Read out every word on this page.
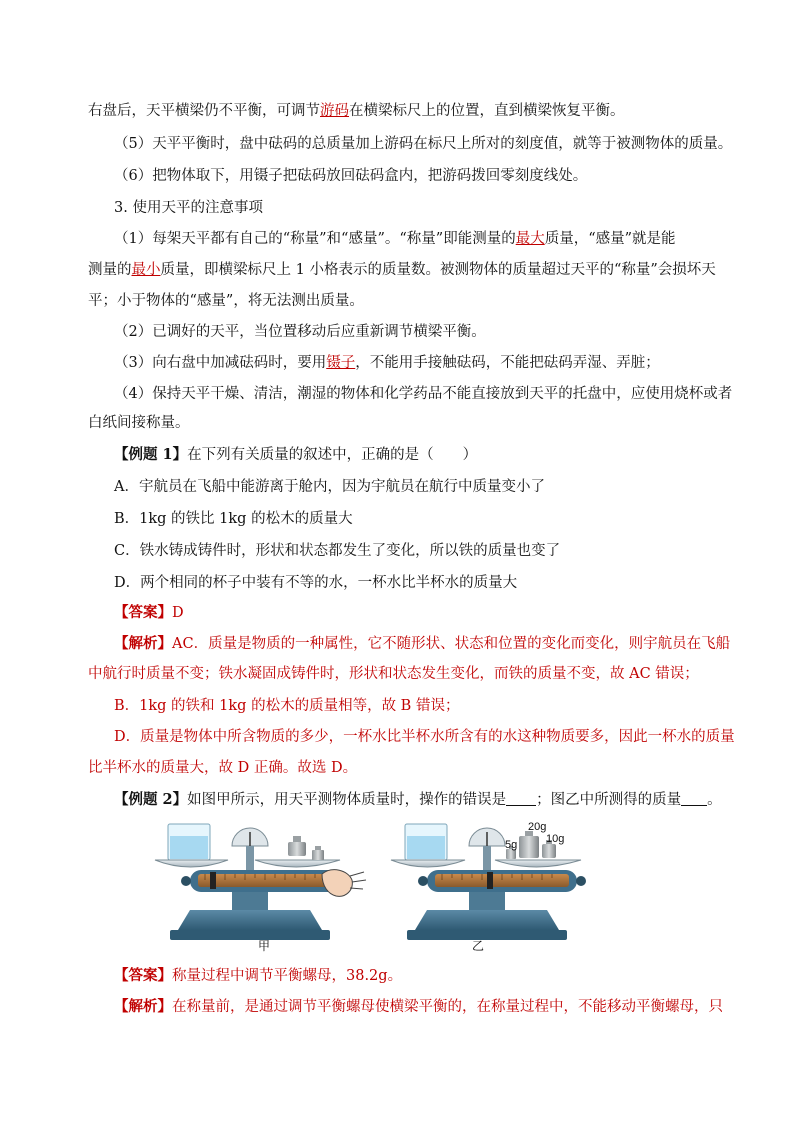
右盘后，天平横梁仍不平衡，可调节游码在横梁标尺上的位置，直到横梁恢复平衡。
（5）天平平衡时，盘中砝码的总质量加上游码在标尺上所对的刻度值，就等于被测物体的质量。
（6）把物体取下，用镊子把砝码放回砝码盒内，把游码拨回零刻度线处。
3. 使用天平的注意事项
（1）每架天平都有自己的“称量”和“感量”。“称量”即能测量的最大质量，“感量”就是能
测量的最小质量，即横梁标尺上 1 小格表示的质量数。被测物体的质量超过天平的“称量”会损坏天
平；小于物体的“感量”，将无法测出质量。
（2）已调好的天平，当位置移动后应重新调节横梁平衡。
（3）向右盘中加减砝码时，要用镊子，不能用手接触砝码，不能把砝码弄湿、弄脏；
（4）保持天平干燥、清洁，潮湿的物体和化学药品不能直接放到天平的托盘中，应使用烧杯或者
白纸间接称量。
【例题 1】在下列有关质量的叙述中，正确的是（　　）
A．宇航员在飞船中能游离于舱内，因为宇航员在航行中质量变小了
B．1kg 的铁比 1kg 的松木的质量大
C．铁水铸成铸件时，形状和状态都发生了变化，所以铁的质量也变了
D．两个相同的杯子中装有不等的水，一杯水比半杯水的质量大
【答案】D
【解析】AC．质量是物质的一种属性，它不随形状、状态和位置的变化而变化，则宇航员在飞船
中航行时质量不变；铁水凝固成铸件时，形状和状态发生变化，而铁的质量不变，故 AC 错误；
B．1kg 的铁和 1kg 的松木的质量相等，故 B 错误；
D．质量是物体中所含物质的多少，一杯水比半杯水所含有的水这种物质要多，因此一杯水的质量
比半杯水的质量大，故 D 正确。故选 D。
【例题 2】如图甲所示，用天平测物体质量时，操作的错误是 ；图乙中所测得的质量 。
20g
10g
5g
甲	乙
【答案】称量过程中调节平衡螺母，38.2g。
【解析】在称量前，是通过调节平衡螺母使横梁平衡的，在称量过程中，不能移动平衡螺母，只
